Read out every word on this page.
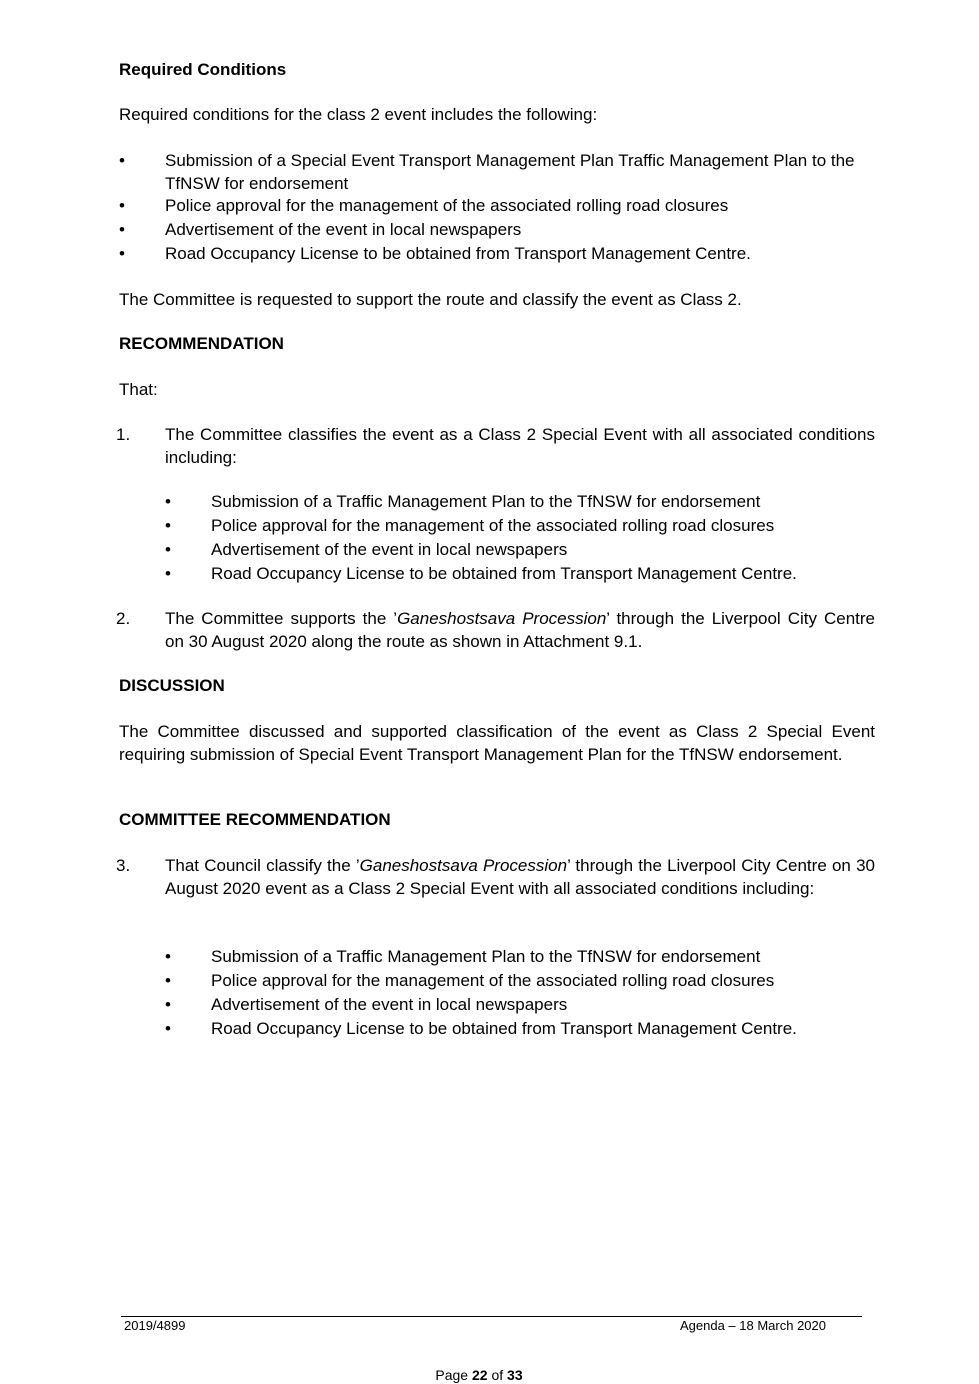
Required Conditions
Required conditions for the class 2 event includes the following:
• Submission of a Special Event Transport Management Plan Traffic Management Plan to the TfNSW for endorsement
• Police approval for the management of the associated rolling road closures
• Advertisement of the event in local newspapers
• Road Occupancy License to be obtained from Transport Management Centre.
The Committee is requested to support the route and classify the event as Class 2.
RECOMMENDATION
That:
1. The Committee classifies the event as a Class 2 Special Event with all associated conditions including:
• Submission of a Traffic Management Plan to the TfNSW for endorsement
• Police approval for the management of the associated rolling road closures
• Advertisement of the event in local newspapers
• Road Occupancy License to be obtained from Transport Management Centre.
2. The Committee supports the ’Ganeshostsava Procession’ through the Liverpool City Centre on 30 August 2020 along the route as shown in Attachment 9.1.
DISCUSSION
The Committee discussed and supported classification of the event as Class 2 Special Event requiring submission of Special Event Transport Management Plan for the TfNSW endorsement.
COMMITTEE RECOMMENDATION
3. That Council classify the ’Ganeshostsava Procession’ through the Liverpool City Centre on 30 August 2020 event as a Class 2 Special Event with all associated conditions including:
• Submission of a Traffic Management Plan to the TfNSW for endorsement
• Police approval for the management of the associated rolling road closures
• Advertisement of the event in local newspapers
• Road Occupancy License to be obtained from Transport Management Centre.
2019/4899	Agenda – 18 March 2020
Page 22 of 33
